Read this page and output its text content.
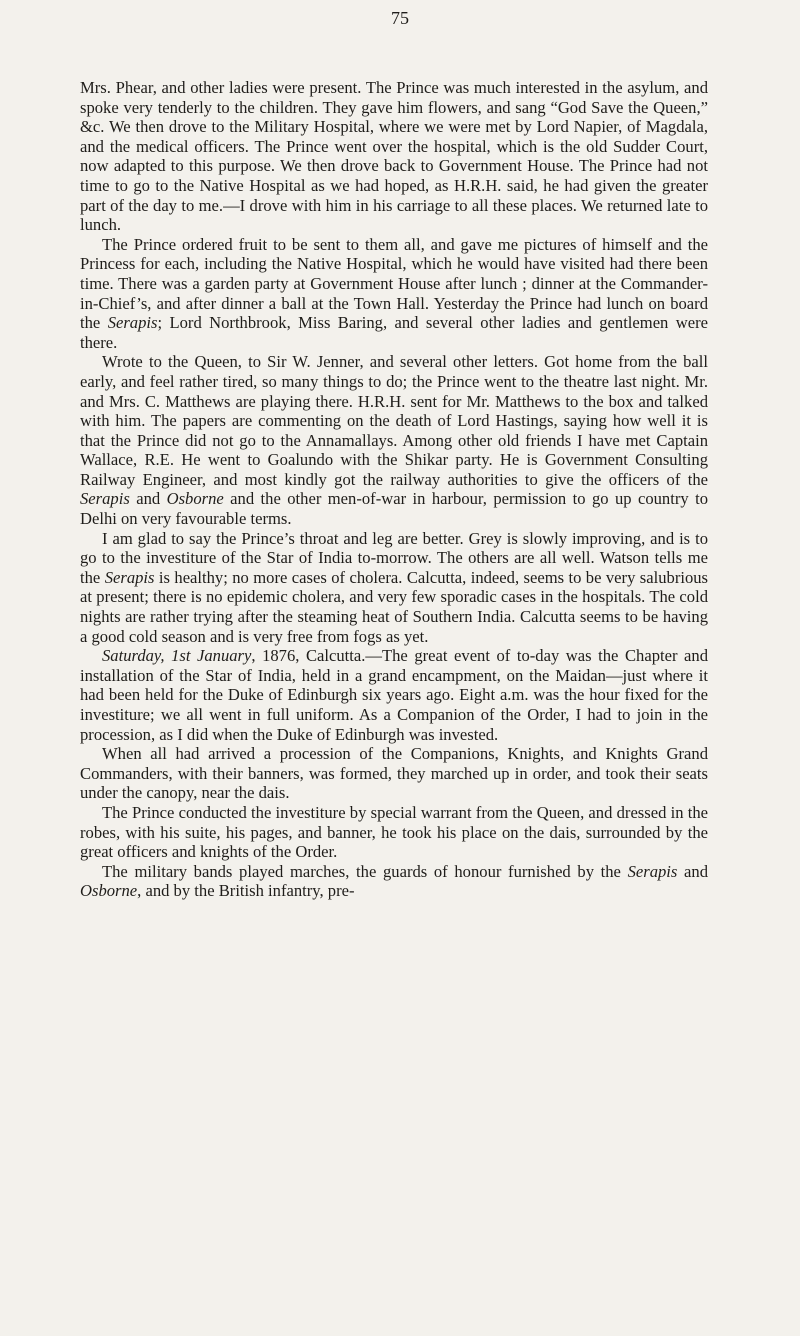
75

Mrs. Phear, and other ladies were present. The Prince was much interested in the asylum, and spoke very tenderly to the children. They gave him flowers, and sang “God Save the Queen,” &c. We then drove to the Military Hospital, where we were met by Lord Napier, of Magdala, and the medical officers. The Prince went over the hospital, which is the old Sudder Court, now adapted to this purpose. We then drove back to Government House. The Prince had not time to go to the Native Hospital as we had hoped, as H.R.H. said, he had given the greater part of the day to me.—I drove with him in his carriage to all these places. We returned late to lunch.

The Prince ordered fruit to be sent to them all, and gave me pictures of himself and the Princess for each, including the Native Hospital, which he would have visited had there been time. There was a garden party at Government House after lunch ; dinner at the Commander-in-Chief’s, and after dinner a ball at the Town Hall. Yesterday the Prince had lunch on board the Serapis; Lord Northbrook, Miss Baring, and several other ladies and gentlemen were there.

Wrote to the Queen, to Sir W. Jenner, and several other letters. Got home from the ball early, and feel rather tired, so many things to do; the Prince went to the theatre last night. Mr. and Mrs. C. Matthews are playing there. H.R.H. sent for Mr. Matthews to the box and talked with him. The papers are commenting on the death of Lord Hastings, saying how well it is that the Prince did not go to the Annamallays. Among other old friends I have met Captain Wallace, R.E. He went to Goalundo with the Shikar party. He is Government Consulting Railway Engineer, and most kindly got the railway authorities to give the officers of the Serapis and Osborne and the other men-of-war in harbour, permission to go up country to Delhi on very favourable terms.

I am glad to say the Prince’s throat and leg are better. Grey is slowly improving, and is to go to the investiture of the Star of India to-morrow. The others are all well. Watson tells me the Serapis is healthy; no more cases of cholera. Calcutta, indeed, seems to be very salubrious at present; there is no epidemic cholera, and very few sporadic cases in the hospitals. The cold nights are rather trying after the steaming heat of Southern India. Calcutta seems to be having a good cold season and is very free from fogs as yet.

Saturday, 1st January, 1876, Calcutta.—The great event of to-day was the Chapter and installation of the Star of India, held in a grand encampment, on the Maidan—just where it had been held for the Duke of Edinburgh six years ago. Eight a.m. was the hour fixed for the investiture; we all went in full uniform. As a Companion of the Order, I had to join in the procession, as I did when the Duke of Edinburgh was invested.

When all had arrived a procession of the Companions, Knights, and Knights Grand Commanders, with their banners, was formed, they marched up in order, and took their seats under the canopy, near the dais.

The Prince conducted the investiture by special warrant from the Queen, and dressed in the robes, with his suite, his pages, and banner, he took his place on the dais, surrounded by the great officers and knights of the Order.

The military bands played marches, the guards of honour furnished by the Serapis and Osborne, and by the British infantry, pre-
